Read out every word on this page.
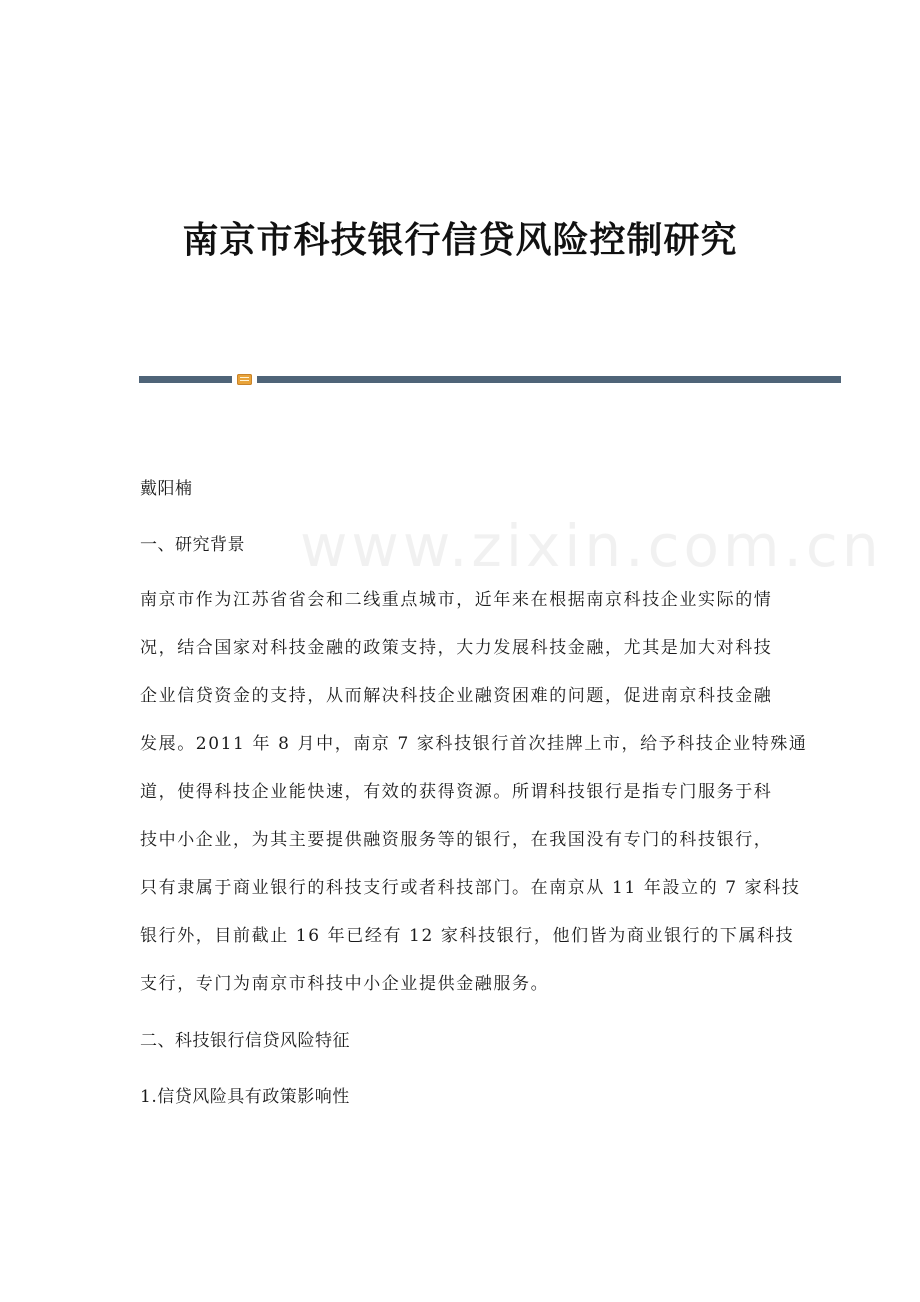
南京市科技银行信贷风险控制研究
www.zixin.com.cn
戴阳楠
一、研究背景
南京市作为江苏省省会和二线重点城市，近年来在根据南京科技企业实际的情
况，结合国家对科技金融的政策支持，大力发展科技金融，尤其是加大对科技
企业信贷资金的支持，从而解决科技企业融资困难的问题，促进南京科技金融
发展。2011 年 8 月中，南京 7 家科技银行首次挂牌上市，给予科技企业特殊通
道，使得科技企业能快速，有效的获得资源。所谓科技银行是指专门服务于科
技中小企业，为其主要提供融资服务等的银行，在我国没有专门的科技银行，
只有隶属于商业银行的科技支行或者科技部门。在南京从 11 年設立的 7 家科技
银行外，目前截止 16 年已经有 12 家科技银行，他们皆为商业银行的下属科技
支行，专门为南京市科技中小企业提供金融服务。
二、科技银行信贷风险特征
1.信贷风险具有政策影响性
